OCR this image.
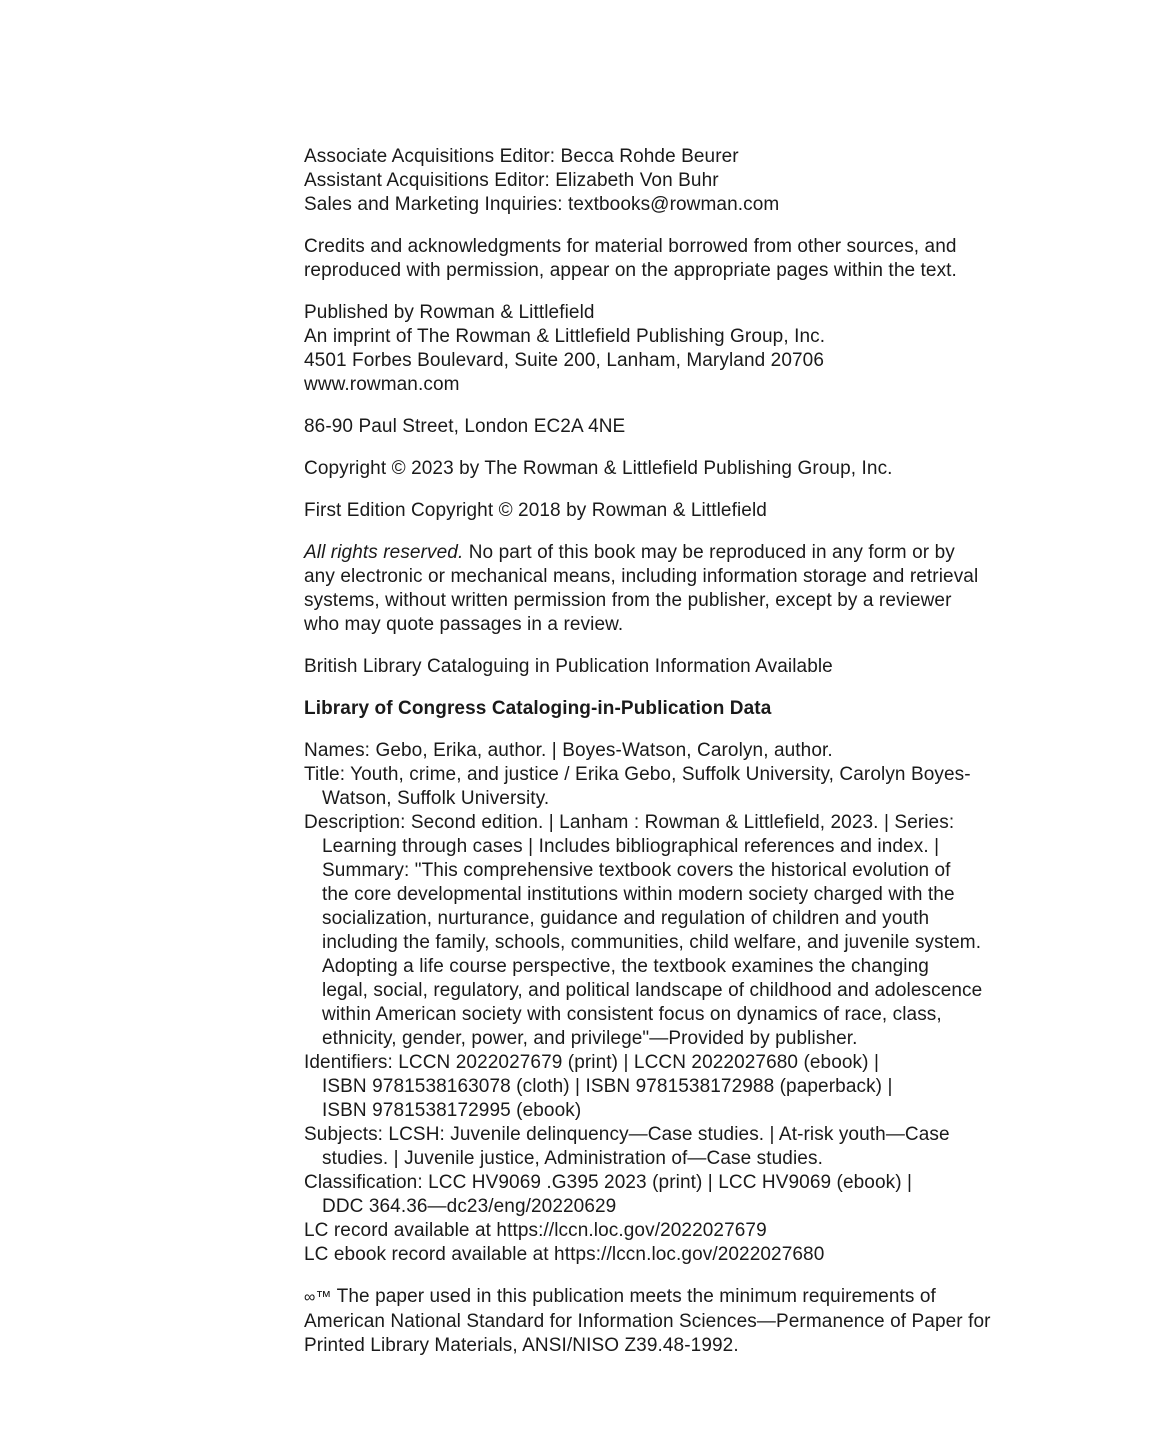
Associate Acquisitions Editor: Becca Rohde Beurer
Assistant Acquisitions Editor: Elizabeth Von Buhr
Sales and Marketing Inquiries: textbooks@rowman.com
Credits and acknowledgments for material borrowed from other sources, and
reproduced with permission, appear on the appropriate pages within the text.
Published by Rowman & Littlefield
An imprint of The Rowman & Littlefield Publishing Group, Inc.
4501 Forbes Boulevard, Suite 200, Lanham, Maryland 20706
www.rowman.com
86-90 Paul Street, London EC2A 4NE
Copyright © 2023 by The Rowman & Littlefield Publishing Group, Inc.
First Edition Copyright © 2018 by Rowman & Littlefield
All rights reserved. No part of this book may be reproduced in any form or by
any electronic or mechanical means, including information storage and retrieval
systems, without written permission from the publisher, except by a reviewer
who may quote passages in a review.
British Library Cataloguing in Publication Information Available
Library of Congress Cataloging-in-Publication Data
Names: Gebo, Erika, author. | Boyes-Watson, Carolyn, author.
Title: Youth, crime, and justice / Erika Gebo, Suffolk University, Carolyn Boyes-
Watson, Suffolk University.
Description: Second edition. | Lanham : Rowman & Littlefield, 2023. | Series:
Learning through cases | Includes bibliographical references and index. |
Summary: "This comprehensive textbook covers the historical evolution of
the core developmental institutions within modern society charged with the
socialization, nurturance, guidance and regulation of children and youth
including the family, schools, communities, child welfare, and juvenile system.
Adopting a life course perspective, the textbook examines the changing
legal, social, regulatory, and political landscape of childhood and adolescence
within American society with consistent focus on dynamics of race, class,
ethnicity, gender, power, and privilege"—Provided by publisher.
Identifiers: LCCN 2022027679 (print) | LCCN 2022027680 (ebook) |
ISBN 9781538163078 (cloth) | ISBN 9781538172988 (paperback) |
ISBN 9781538172995 (ebook)
Subjects: LCSH: Juvenile delinquency—Case studies. | At-risk youth—Case
studies. | Juvenile justice, Administration of—Case studies.
Classification: LCC HV9069 .G395 2023 (print) | LCC HV9069 (ebook) |
DDC 364.36—dc23/eng/20220629
LC record available at https://lccn.loc.gov/2022027679
LC ebook record available at https://lccn.loc.gov/2022027680
∞™ The paper used in this publication meets the minimum requirements of
American National Standard for Information Sciences—Permanence of Paper for
Printed Library Materials, ANSI/NISO Z39.48-1992.
